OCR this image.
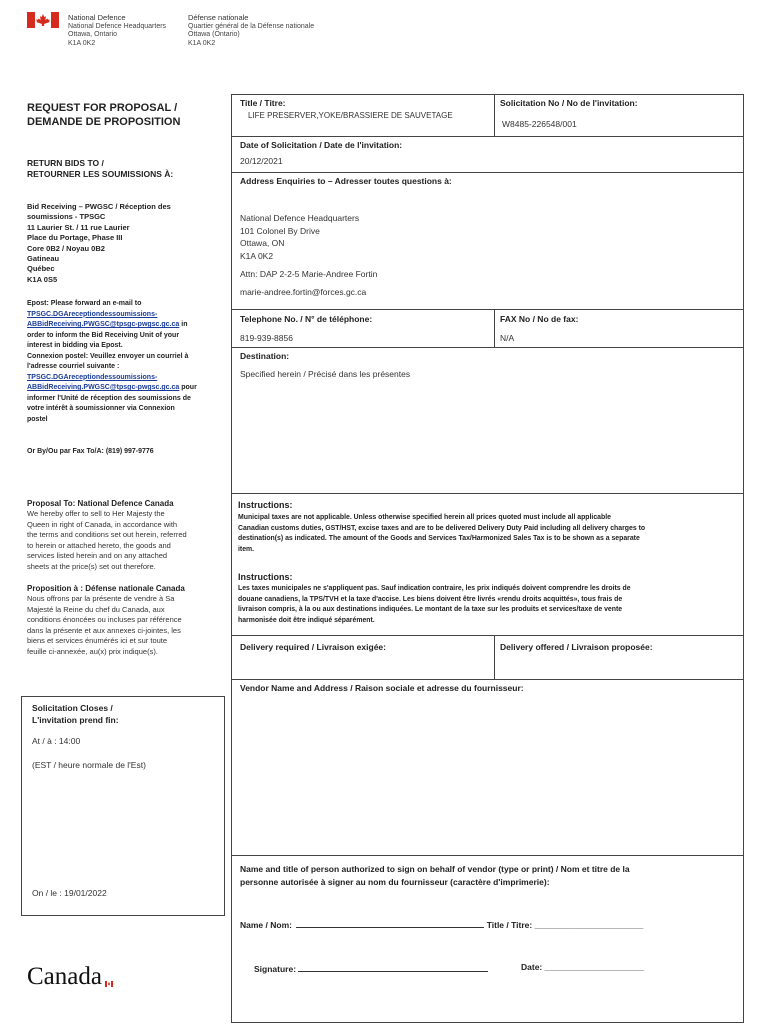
National Defence
National Defence Headquarters
Ottawa, Ontario
K1A 0K2
Défense nationale
Quartier général de la Défense nationale
Ottawa (Ontario)
K1A 0K2
REQUEST FOR PROPOSAL /
DEMANDE DE PROPOSITION
RETURN BIDS TO /
RETOURNER LES SOUMISSIONS À:
Bid Receiving – PWGSC / Réception des
soumissions - TPSGC
11 Laurier St. / 11 rue Laurier
Place du Portage, Phase III
Core 0B2 / Noyau 0B2
Gatineau
Québec
K1A 0S5
Epost: Please forward an e-mail to
TPSGC.DGAreceptiondessoumissions-
ABBidReceiving.PWGSC@tpsgc-pwgsc.gc.ca in
order to inform the Bid Receiving Unit of your
interest in bidding via Epost.
Connexion postel: Veuillez envoyer un courriel à
l'adresse courriel suivante :
TPSGC.DGAreceptiondessoumissions-
ABBidReceiving.PWGSC@tpsgc-pwgsc.gc.ca pour
informer l'Unité de réception des soumissions de
votre intérêt à soumissionner via Connexion
postel
Or By/Ou par Fax To/A: (819) 997-9776
Proposal To: National Defence Canada
We hereby offer to sell to Her Majesty the
Queen in right of Canada, in accordance with
the terms and conditions set out herein, referred
to herein or attached hereto, the goods and
services listed herein and on any attached
sheets at the price(s) set out therefore.
Proposition à : Défense nationale Canada
Nous offrons par la présente de vendre à Sa
Majesté la Reine du chef du Canada, aux
conditions énoncées ou incluses par référence
dans la présente et aux annexes ci-jointes, les
biens et services énumérés ici et sur toute
feuille ci-annexée, au(x) prix indique(s).
Solicitation Closes /
L'invitation prend fin:
At / à : 14:00
(EST / heure normale de l'Est)
On / le : 19/01/2022
Canada
Title / Titre:
LIFE PRESERVER,YOKE/BRASSIERE DE SAUVETAGE
Solicitation No / No de l'invitation:
W8485-226548/001
Date of Solicitation / Date de l'invitation:
20/12/2021
Address Enquiries to – Adresser toutes questions à:
National Defence Headquarters
101 Colonel By Drive
Ottawa, ON
K1A 0K2
Attn: DAP 2-2-5 Marie-Andree Fortin
marie-andree.fortin@forces.gc.ca
Telephone No. / N° de téléphone:
819-939-8856
FAX No / No de fax:
N/A
Destination:
Specified herein / Précisé dans les présentes
Instructions:
Municipal taxes are not applicable. Unless otherwise specified herein all prices quoted must include all applicable
Canadian customs duties, GST/HST, excise taxes and are to be delivered Delivery Duty Paid including all delivery charges to
destination(s) as indicated. The amount of the Goods and Services Tax/Harmonized Sales Tax is to be shown as a separate
item.
Instructions:
Les taxes municipales ne s'appliquent pas. Sauf indication contraire, les prix indiqués doivent comprendre les droits de
douane canadiens, la TPS/TVH et la taxe d'accise. Les biens doivent être livrés «rendu droits acquittés», tous frais de
livraison compris, à la ou aux destinations indiquées. Le montant de la taxe sur les produits et services/taxe de vente
harmonisée doit être indiqué séparément.
Delivery required / Livraison exigée:	Delivery offered / Livraison proposée:
Vendor Name and Address / Raison sociale et adresse du fournisseur:
Name and title of person authorized to sign on behalf of vendor (type or print) / Nom et titre de la
personne autorisée à signer au nom du fournisseur (caractère d'imprimerie):
Name / Nom:	Title / Titre: _______________________
Signature:	Date: _____________________
